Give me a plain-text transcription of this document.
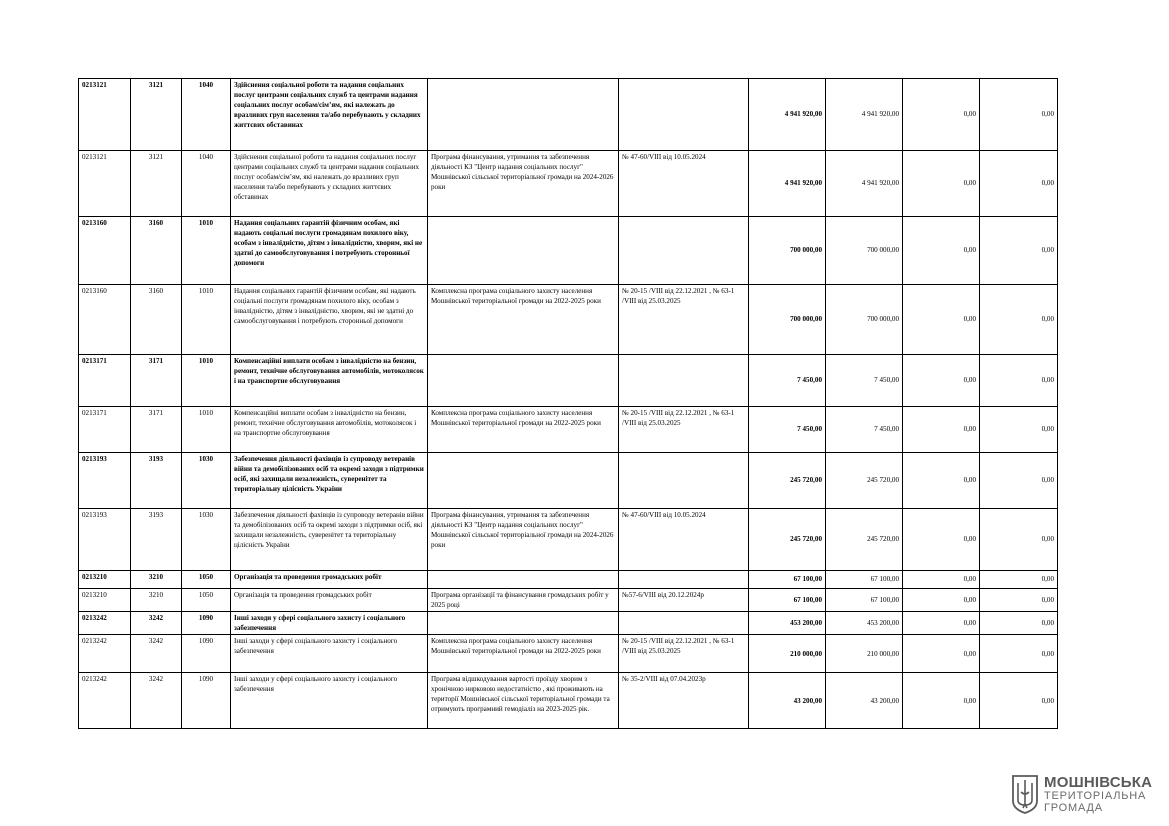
0213121	3121	1040	Здійснення соціальної роботи та надання соціальних послуг центрами соціальних служб та центрами надання соціальних послуг особам/сім’ям, які належать до вразливих груп населення та/або перебувають у складних життєвих обставинах			4 941 920,00	4 941 920,00	0,00	0,00
0213121	3121	1040	Здійснення соціальної роботи та надання соціальних послуг центрами соціальних служб та центрами надання соціальних послуг особам/сім’ям, які належать до вразливих груп населення та/або перебувають у складних життєвих обставинах	Програма фінансування, утримання та забезпечення діяльності КЗ "Центр надання соціальних послуг" Мошнівської сільської територіальної громади на 2024-2026 роки	№ 47-60/VIII від 10.05.2024	4 941 920,00	4 941 920,00	0,00	0,00
0213160	3160	1010	Надання соціальних гарантій фізичним особам, які надають соціальні послуги громадянам похилого віку, особам з інвалідністю, дітям з інвалідністю, хворим, які не здатні до самообслуговування і потребують сторонньої допомоги			700 000,00	700 000,00	0,00	0,00
0213160	3160	1010	Надання соціальних гарантій фізичним особам, які надають соціальні послуги громадянам похилого віку, особам з інвалідністю, дітям з інвалідністю, хворим, які не здатні до самообслуговування і потребують сторонньої допомоги	Комплексна програма соціального захисту населення Мошнівської територіальної громади на 2022-2025 роки	№ 20-15 /VIII від 22.12.2021 , № 63-1 /VIII від 25.03.2025	700 000,00	700 000,00	0,00	0,00
0213171	3171	1010	Компенсаційні виплати особам з інвалідністю на бензин, ремонт, технічне обслуговування автомобілів, мотоколясок і на транспортне обслуговування			7 450,00	7 450,00	0,00	0,00
0213171	3171	1010	Компенсаційні виплати особам з інвалідністю на бензин, ремонт, технічне обслуговування автомобілів, мотоколясок і на транспортне обслуговування	Комплексна програма соціального захисту населення Мошнівської територіальної громади на 2022-2025 роки	№ 20-15 /VIII від 22.12.2021 , № 63-1 /VIII від 25.03.2025	7 450,00	7 450,00	0,00	0,00
0213193	3193	1030	Забезпечення діяльності фахівців із супроводу ветеранів війни та демобілізованих осіб та окремі заходи з підтримки осіб, які захищали незалежність, суверенітет та територіальну цілісність України			245 720,00	245 720,00	0,00	0,00
0213193	3193	1030	Забезпечення діяльності фахівців із супроводу ветеранів війни та демобілізованих осіб та окремі заходи з підтримки осіб, які захищали незалежність, суверенітет та територіальну цілісність України	Програма фінансування, утримання та забезпечення діяльності КЗ "Центр надання соціальних послуг" Мошнівської сільської територіальної громади на 2024-2026 роки	№ 47-60/VIII від 10.05.2024	245 720,00	245 720,00	0,00	0,00
0213210	3210	1050	Організація та проведення громадських робіт			67 100,00	67 100,00	0,00	0,00
0213210	3210	1050	Організація та проведення громадських робіт	Програма організації та фінансування громадських робіт у 2025 році	№57-6/VIII від 20.12.2024р	67 100,00	67 100,00	0,00	0,00
0213242	3242	1090	Інші заходи у сфері соціального захисту і соціального забезпечення			453 200,00	453 200,00	0,00	0,00
0213242	3242	1090	Інші заходи у сфері соціального захисту і соціального забезпечення	Комплексна програма соціального захисту населення Мошнівської територіальної громади на 2022-2025 роки	№ 20-15 /VIII від 22.12.2021 , № 63-1 /VIII від 25.03.2025	210 000,00	210 000,00	0,00	0,00
0213242	3242	1090	Інші заходи у сфері соціального захисту і соціального забезпечення	Програма відшкодування вартості проїзду хворим з хронічною нирковою недостатністю , які проживають на території Мошнівської сільської територіальної громади та отримують програмний гемодіаліз на 2023-2025 рік.	№ 35-2/VIII від 07.04.2023р	43 200,00	43 200,00	0,00	0,00
МОШНІВСЬКА
ТЕРИТОРІАЛЬНА
ГРОМАДА
